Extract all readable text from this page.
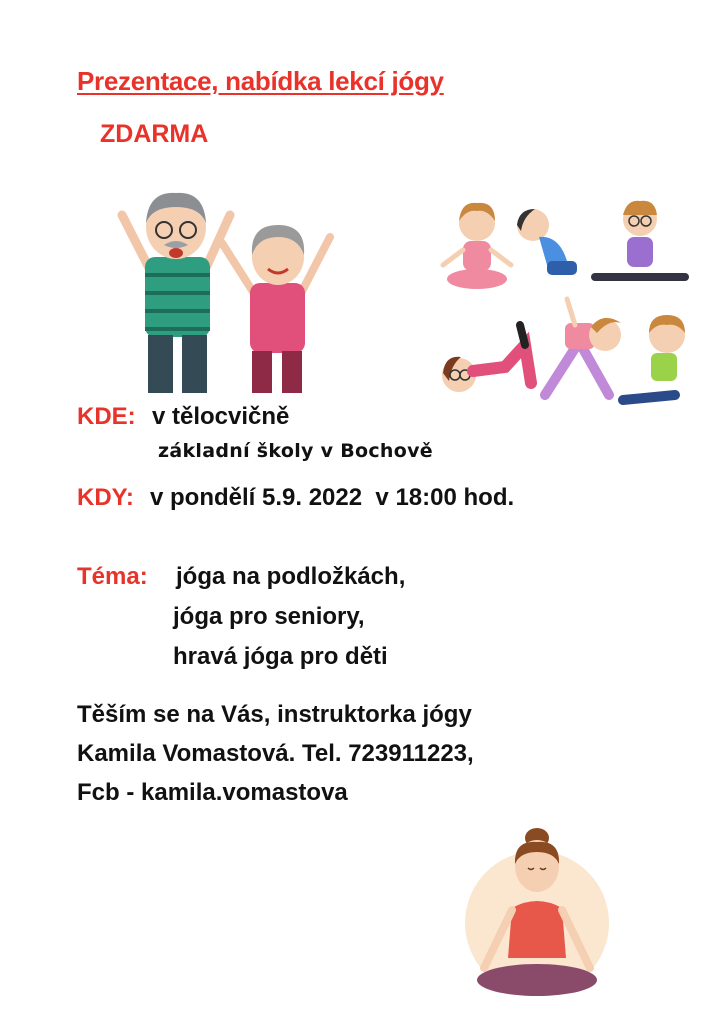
Prezentace, nabídka lekcí jógy
ZDARMA
KDE: v tělocvičně
základní školy v Bochově
KDY: v pondělí 5.9. 2022  v 18:00 hod.
Téma: jóga na podložkách,
jóga pro seniory,
hravá jóga pro děti
Těším se na Vás, instruktorka jógy
Kamila Vomastová. Tel. 723911223,
Fcb - kamila.vomastova
